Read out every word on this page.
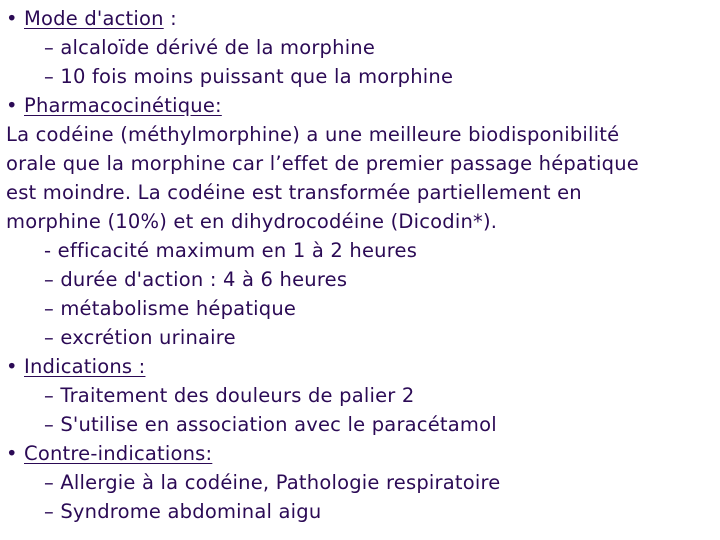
• Mode d'action :
– alcaloïde dérivé de la morphine
– 10 fois moins puissant que la morphine
• Pharmacocinétique:
La codéine (méthylmorphine) a une meilleure biodisponibilité
orale que la morphine car l’effet de premier passage hépatique
est moindre. La codéine est transformée partiellement en
morphine (10%) et en dihydrocodéine (Dicodin*).
- efficacité maximum en 1 à 2 heures
– durée d'action : 4 à 6 heures
– métabolisme hépatique
– excrétion urinaire
• Indications :
– Traitement des douleurs de palier 2
– S'utilise en association avec le paracétamol
• Contre-indications:
– Allergie à la codéine, Pathologie respiratoire
– Syndrome abdominal aigu
